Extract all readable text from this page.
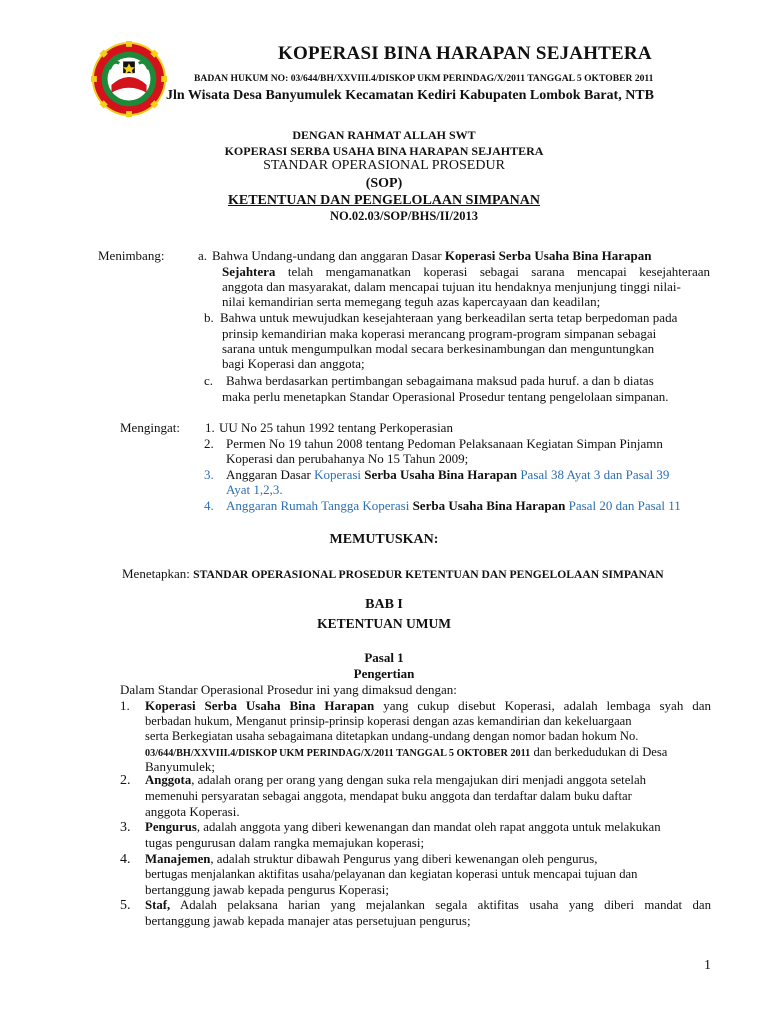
KOPERASI BINA HARAPAN SEJAHTERA
BADAN HUKUM NO: 03/644/BH/XXVIII.4/DISKOP UKM PERINDAG/X/2011 TANGGAL 5 OKTOBER 2011
Jln Wisata Desa Banyumulek Kecamatan Kediri Kabupaten Lombok Barat, NTB
DENGAN RAHMAT ALLAH SWT
KOPERASI SERBA USAHA BINA HARAPAN SEJAHTERA
STANDAR OPERASIONAL PROSEDUR
(SOP)
KETENTUAN DAN PENGELOLAAN SIMPANAN
NO.02.03/SOP/BHS/II/2013
Menimbang:	a. Bahwa Undang-undang dan anggaran Dasar Koperasi Serba Usaha Bina Harapan
Sejahtera telah mengamanatkan koperasi sebagai sarana mencapai kesejahteraan
anggota dan masyarakat, dalam mencapai tujuan itu hendaknya menjunjung tinggi nilai-
nilai kemandirian serta memegang teguh azas kapercayaan dan keadilan;
b. Bahwa untuk mewujudkan kesejahteraan yang berkeadilan serta tetap berpedoman pada
prinsip kemandirian maka koperasi merancang program-program simpanan sebagai
sarana untuk mengumpulkan modal secara berkesinambungan dan menguntungkan
bagi Koperasi dan anggota;
c. Bahwa berdasarkan pertimbangan sebagaimana maksud pada huruf. a dan b diatas
maka perlu menetapkan Standar Operasional Prosedur tentang pengelolaan simpanan.
Mengingat: 1. UU No 25 tahun 1992 tentang Perkoperasian
2. Permen No 19 tahun 2008 tentang Pedoman Pelaksanaan Kegiatan Simpan Pinjamn
Koperasi dan perubahanya No 15 Tahun 2009;
3. Anggaran Dasar Koperasi Serba Usaha Bina Harapan Pasal 38 Ayat 3 dan Pasal 39
Ayat 1,2,3.
4. Anggaran Rumah Tangga Koperasi Serba Usaha Bina Harapan Pasal 20 dan Pasal 11
MEMUTUSKAN:
Menetapkan: STANDAR OPERASIONAL PROSEDUR KETENTUAN DAN PENGELOLAAN SIMPANAN
BAB I
KETENTUAN UMUM
Pasal 1
Pengertian
Dalam Standar Operasional Prosedur ini yang dimaksud dengan:
1. Koperasi Serba Usaha Bina Harapan yang cukup disebut Koperasi, adalah lembaga syah dan
berbadan hukum, Menganut prinsip-prinsip koperasi dengan azas kemandirian dan kekeluargaan
serta Berkegiatan usaha sebagaimana ditetapkan undang-undang dengan nomor badan hokum No.
03/644/BH/XXVIII.4/DISKOP UKM PERINDAG/X/2011 TANGGAL 5 OKTOBER 2011 dan berkedudukan di Desa
Banyumulek;
2. Anggota, adalah orang per orang yang dengan suka rela mengajukan diri menjadi anggota setelah
memenuhi persyaratan sebagai anggota, mendapat buku anggota dan terdaftar dalam buku daftar
anggota Koperasi.
3. Pengurus, adalah anggota yang diberi kewenangan dan mandat oleh rapat anggota untuk melakukan
tugas pengurusan dalam rangka memajukan koperasi;
4. Manajemen, adalah struktur dibawah Pengurus yang diberi kewenangan oleh pengurus,
bertugas menjalankan aktifitas usaha/pelayanan dan kegiatan koperasi untuk mencapai tujuan dan
bertanggung jawab kepada pengurus Koperasi;
5. Staf, Adalah pelaksana harian yang mejalankan segala aktifitas usaha yang diberi mandat dan
bertanggung jawab kepada manajer atas persetujuan pengurus;
1
